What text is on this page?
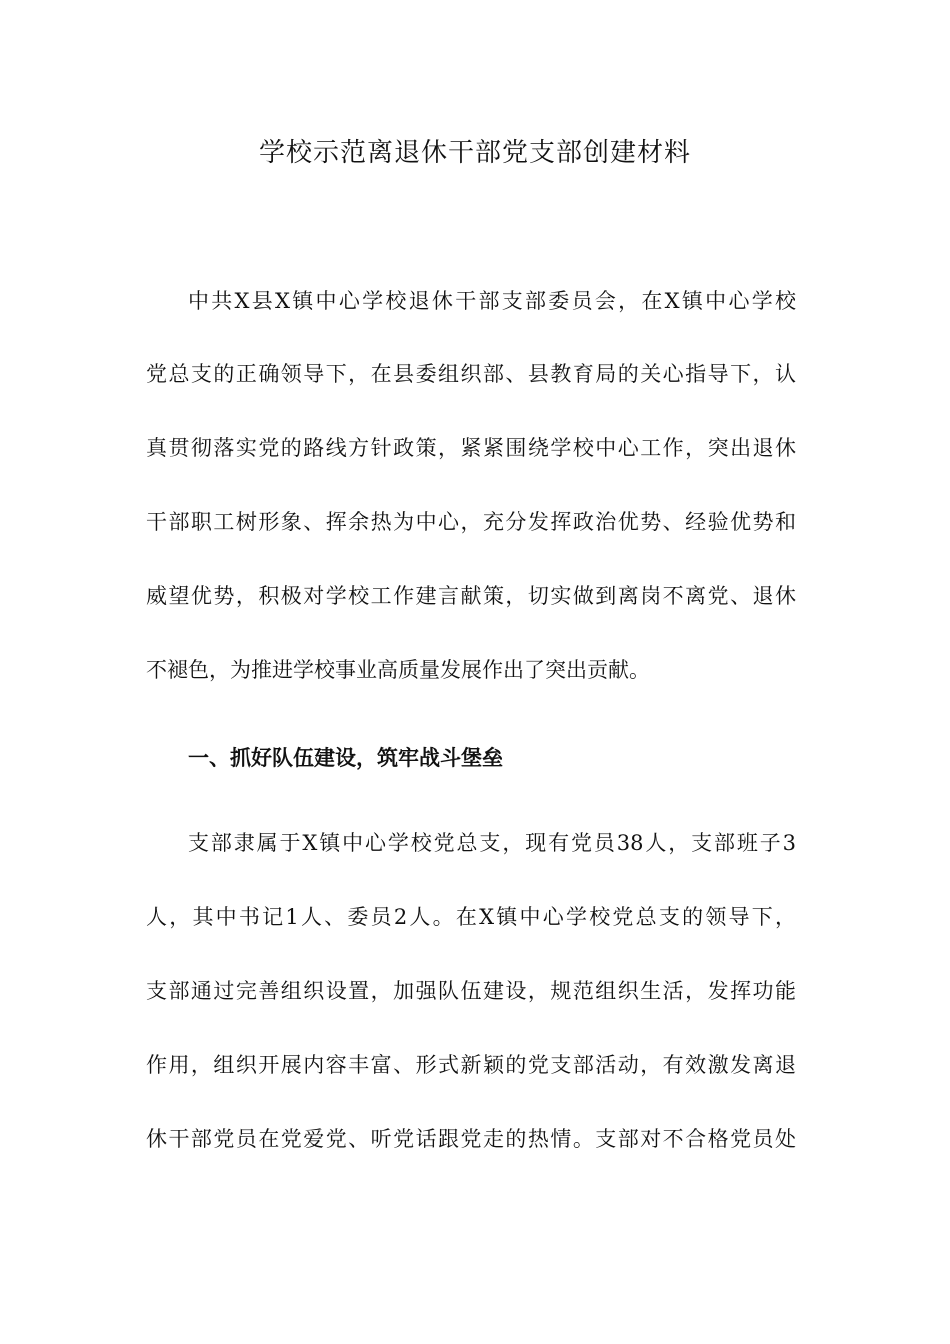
学校示范离退休干部党支部创建材料
中共X县X镇中心学校退休干部支部委员会，在X镇中心学校
党总支的正确领导下，在县委组织部、县教育局的关心指导下，认
真贯彻落实党的路线方针政策，紧紧围绕学校中心工作，突出退休
干部职工树形象、挥余热为中心，充分发挥政治优势、经验优势和
威望优势，积极对学校工作建言献策，切实做到离岗不离党、退休
不褪色，为推进学校事业高质量发展作出了突出贡献。
一、抓好队伍建设，筑牢战斗堡垒
支部隶属于X镇中心学校党总支，现有党员38人，支部班子3
人，其中书记1人、委员2人。在X镇中心学校党总支的领导下，
支部通过完善组织设置，加强队伍建设，规范组织生活，发挥功能
作用，组织开展内容丰富、形式新颖的党支部活动，有效激发离退
休干部党员在党爱党、听党话跟党走的热情。支部对不合格党员处
